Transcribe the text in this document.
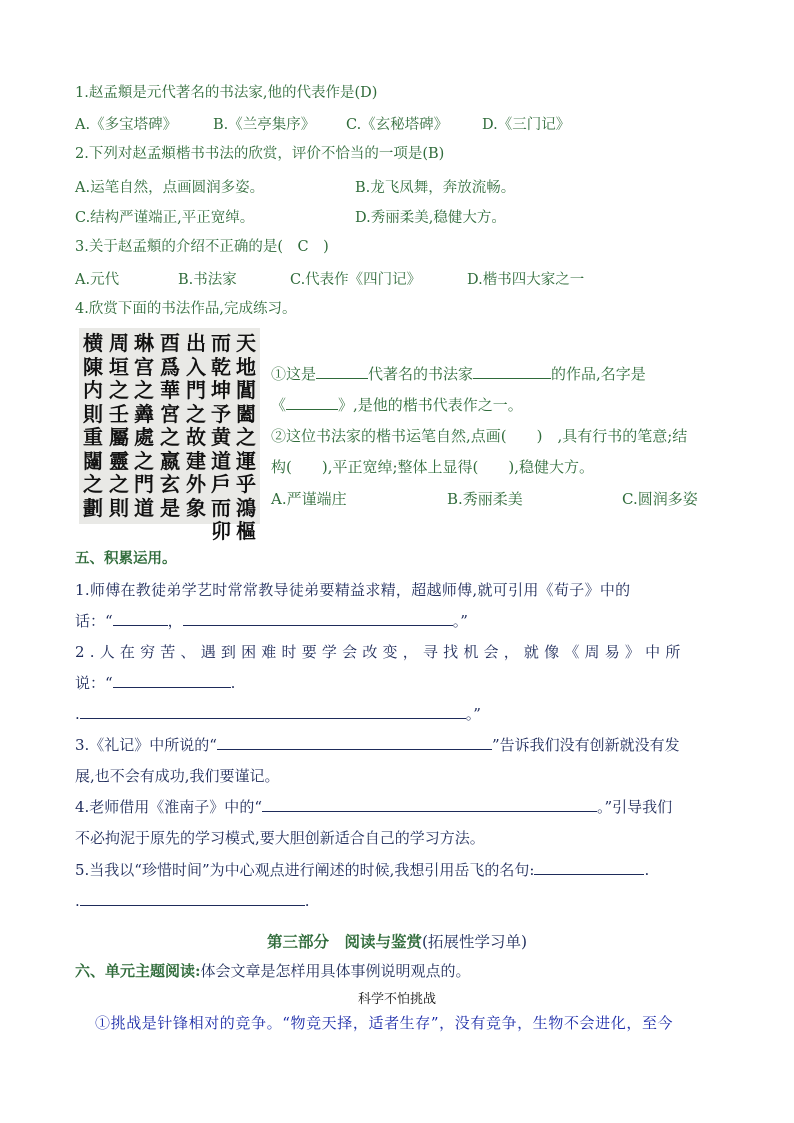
1.赵孟頫是元代著名的书法家,他的代表作是(D)
A.《多宝塔碑》 B.《兰亭集序》 C.《玄秘塔碑》 D.《三门记》
2.下列对赵孟頫楷书书法的欣赏，评价不恰当的一项是(B)
A.运笔自然，点画圆润多姿。	B.龙飞凤舞，奔放流畅。
C.结构严谨端正,平正宽绰。	D.秀丽柔美,稳健大方。
3.关于赵孟頫的介绍不正确的是(　C　)
A.元代	B.书法家	C.代表作《四门记》	D.楷书四大家之一
4.欣赏下面的书法作品,完成练习。
天
地
閶
闔
之
運
乎
鴻
樞
而
乾
坤
予
黄
道
戶
而
卯
出
入
門
之
故
建
外
象
酉
爲
華
宮
之
嬴
玄
是
琳
宫
之
羴
處
之
門
道
周
垣
之
壬
屬
靈
之
則
横
陳
内
則
重
闥
之
劃
①这是	代著名的书法家	的作品,名字是
《	》,是他的楷书代表作之一。
②这位书法家的楷书运笔自然,点画(　　)　,具有行书的笔意;结
构(　　),平正宽绰;整体上显得(　　),稳健大方。
A.严谨端庄	B.秀丽柔美	C.圆润多姿
五、积累运用。
1.师傅在教徒弟学艺时常常教导徒弟要精益求精，超越师傅,就可引用《荀子》中的
话：“	，	。”
2.人在穷苦、遇到困难时要学会改变，寻找机会，就像《周易》中所
说：“	.
.	。”
3.《礼记》中所说的“	”告诉我们没有创新就没有发
展,也不会有成功,我们要谨记。
4.老师借用《淮南子》中的“	。”引导我们
不必拘泥于原先的学习模式,要大胆创新适合自己的学习方法。
5.当我以“珍惜时间”为中心观点进行阐述的时候,我想引用岳飞的名句:	.
.	.
第三部分　阅读与鉴赏(拓展性学习单)
六、单元主题阅读:体会文章是怎样用具体事例说明观点的。
科学不怕挑战
①挑战是针锋相对的竞争。“物竞天择，适者生存”，没有竞争，生物不会进化，至今
